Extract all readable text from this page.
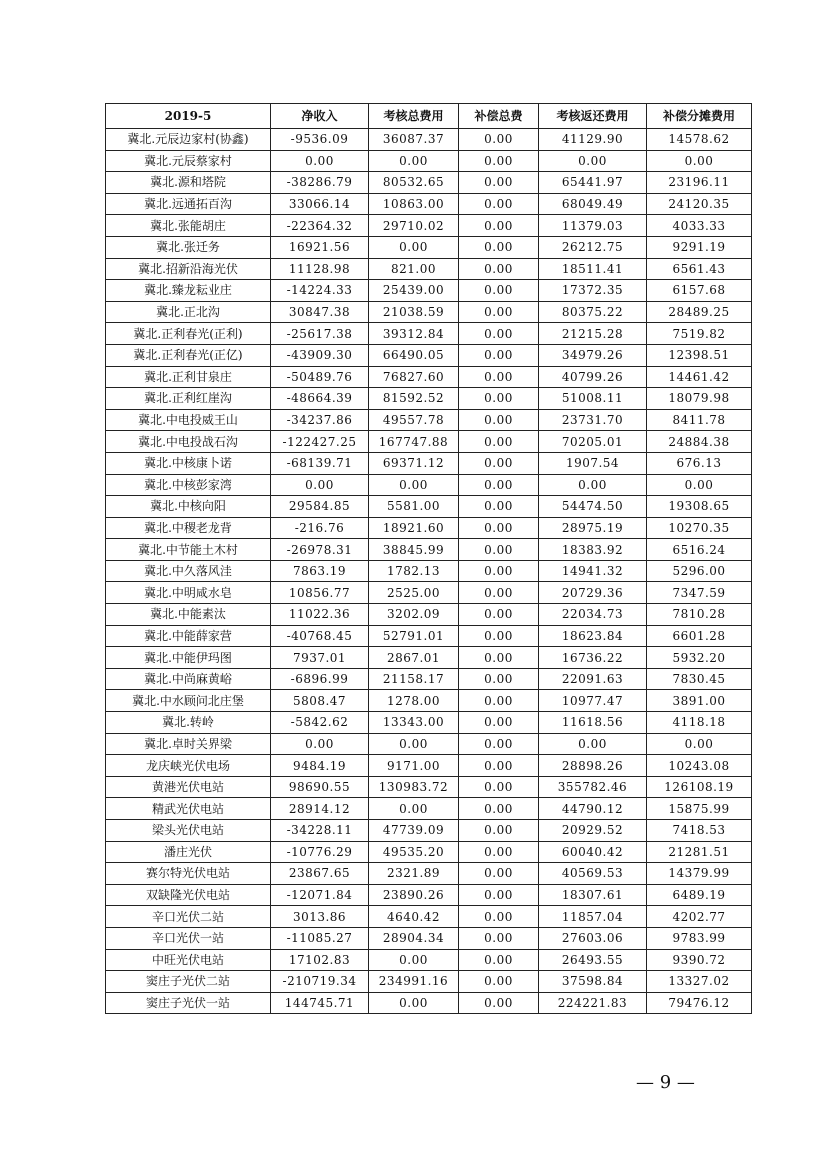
2019-5	净收入	考核总费用	补偿总费	考核返还费用	补偿分摊费用
冀北.元辰边家村(协鑫)	-9536.09	36087.37	0.00	41129.90	14578.62
冀北.元辰蔡家村	0.00	0.00	0.00	0.00	0.00
冀北.源和塔院	-38286.79	80532.65	0.00	65441.97	23196.11
冀北.远通拓百沟	33066.14	10863.00	0.00	68049.49	24120.35
冀北.张能胡庄	-22364.32	29710.02	0.00	11379.03	4033.33
冀北.张迁务	16921.56	0.00	0.00	26212.75	9291.19
冀北.招新沿海光伏	11128.98	821.00	0.00	18511.41	6561.43
冀北.臻龙耘业庄	-14224.33	25439.00	0.00	17372.35	6157.68
冀北.正北沟	30847.38	21038.59	0.00	80375.22	28489.25
冀北.正利春光(正利)	-25617.38	39312.84	0.00	21215.28	7519.82
冀北.正利春光(正亿)	-43909.30	66490.05	0.00	34979.26	12398.51
冀北.正利甘泉庄	-50489.76	76827.60	0.00	40799.26	14461.42
冀北.正利红崖沟	-48664.39	81592.52	0.00	51008.11	18079.98
冀北.中电投威王山	-34237.86	49557.78	0.00	23731.70	8411.78
冀北.中电投战石沟	-122427.25	167747.88	0.00	70205.01	24884.38
冀北.中核康卜诺	-68139.71	69371.12	0.00	1907.54	676.13
冀北.中核彭家湾	0.00	0.00	0.00	0.00	0.00
冀北.中核向阳	29584.85	5581.00	0.00	54474.50	19308.65
冀北.中稷老龙背	-216.76	18921.60	0.00	28975.19	10270.35
冀北.中节能土木村	-26978.31	38845.99	0.00	18383.92	6516.24
冀北.中久落风洼	7863.19	1782.13	0.00	14941.32	5296.00
冀北.中明咸水皂	10856.77	2525.00	0.00	20729.36	7347.59
冀北.中能素汰	11022.36	3202.09	0.00	22034.73	7810.28
冀北.中能薛家营	-40768.45	52791.01	0.00	18623.84	6601.28
冀北.中能伊玛图	7937.01	2867.01	0.00	16736.22	5932.20
冀北.中尚麻黄峪	-6896.99	21158.17	0.00	22091.63	7830.45
冀北.中水顾问北庄堡	5808.47	1278.00	0.00	10977.47	3891.00
冀北.转岭	-5842.62	13343.00	0.00	11618.56	4118.18
冀北.卓时关界梁	0.00	0.00	0.00	0.00	0.00
龙庆峡光伏电场	9484.19	9171.00	0.00	28898.26	10243.08
黄港光伏电站	98690.55	130983.72	0.00	355782.46	126108.19
精武光伏电站	28914.12	0.00	0.00	44790.12	15875.99
梁头光伏电站	-34228.11	47739.09	0.00	20929.52	7418.53
潘庄光伏	-10776.29	49535.20	0.00	60040.42	21281.51
赛尔特光伏电站	23867.65	2321.89	0.00	40569.53	14379.99
双缺隆光伏电站	-12071.84	23890.26	0.00	18307.61	6489.19
辛口光伏二站	3013.86	4640.42	0.00	11857.04	4202.77
辛口光伏一站	-11085.27	28904.34	0.00	27603.06	9783.99
中旺光伏电站	17102.83	0.00	0.00	26493.55	9390.72
窦庄子光伏二站	-210719.34	234991.16	0.00	37598.84	13327.02
窦庄子光伏一站	144745.71	0.00	0.00	224221.83	79476.12
— 9 —
